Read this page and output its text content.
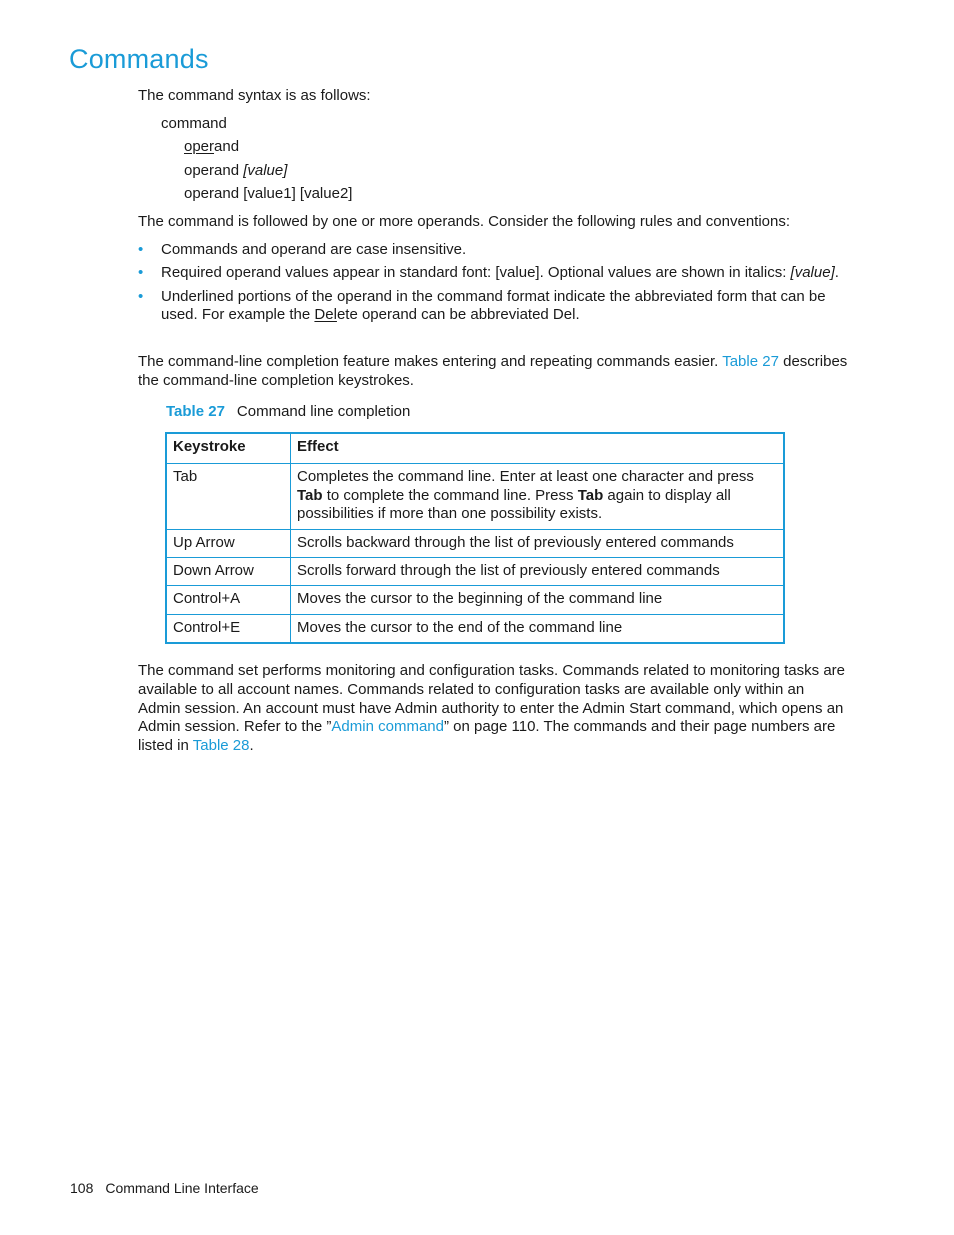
Commands

The command syntax is as follows:

command
operand
operand [value]
operand [value1] [value2]

The command is followed by one or more operands. Consider the following rules and conventions:

• Commands and operand are case insensitive.
• Required operand values appear in standard font: [value]. Optional values are shown in italics: [value].
• Underlined portions of the operand in the command format indicate the abbreviated form that can be used. For example the Delete operand can be abbreviated Del.

The command-line completion feature makes entering and repeating commands easier. Table 27 describes the command-line completion keystrokes.

Table 27 Command line completion
Keystroke	Effect
Tab	Completes the command line. Enter at least one character and press Tab to complete the command line. Press Tab again to display all possibilities if more than one possibility exists.
Up Arrow	Scrolls backward through the list of previously entered commands
Down Arrow	Scrolls forward through the list of previously entered commands
Control+A	Moves the cursor to the beginning of the command line
Control+E	Moves the cursor to the end of the command line

The command set performs monitoring and configuration tasks. Commands related to monitoring tasks are available to all account names. Commands related to configuration tasks are available only within an Admin session. An account must have Admin authority to enter the Admin Start command, which opens an Admin session. Refer to the ”Admin command” on page 110. The commands and their page numbers are listed in Table 28.

108 Command Line Interface
